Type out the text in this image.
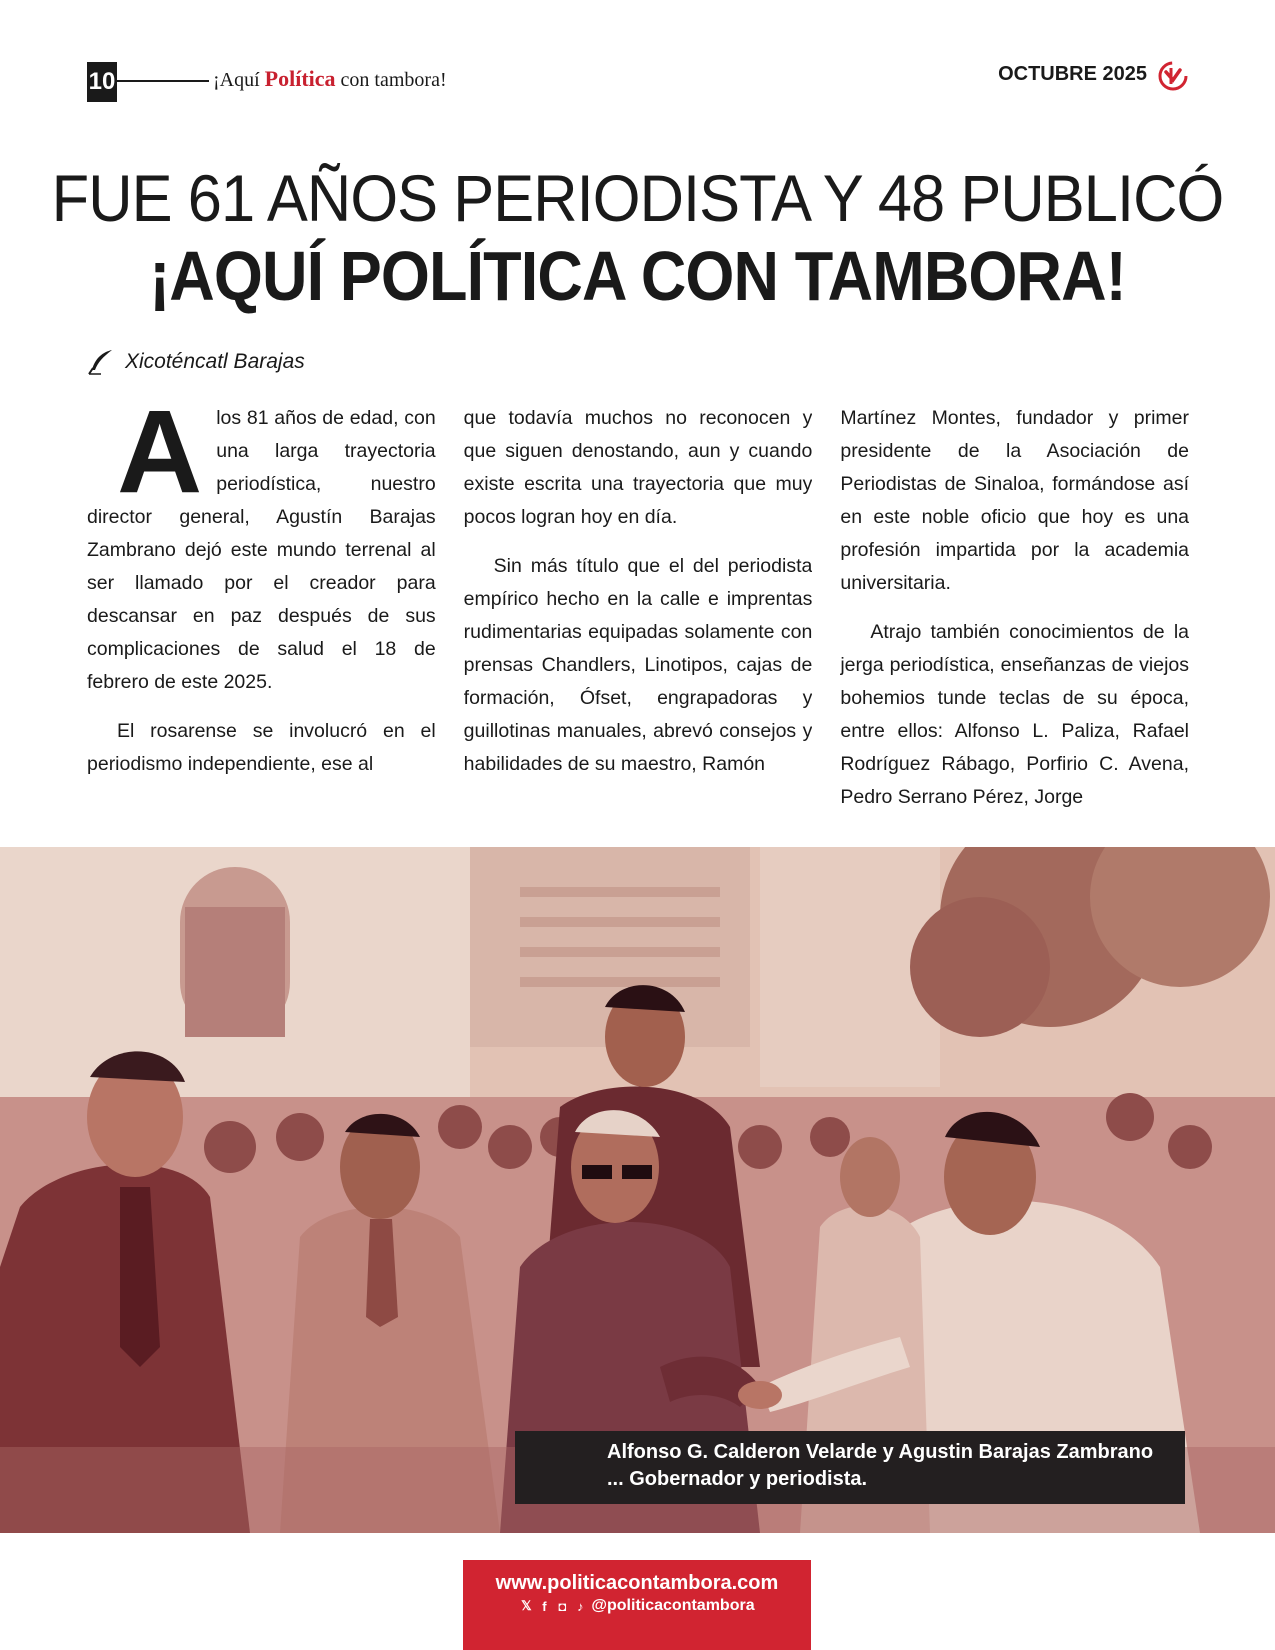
10	¡Aquí Política con tambora!	OCTUBRE 2025
FUE 61 AÑOS PERIODISTA Y 48 PUBLICÓ
¡AQUÍ POLÍTICA CON TAMBORA!
Xicoténcatl Barajas

Alos 81 años de edad, con una larga trayectoria periodística, nuestro director general, Agustín Barajas Zambrano dejó este mundo terrenal al ser llamado por el creador para descansar en paz después de sus complicaciones de salud el 18 de febrero de este 2025.

El rosarense se involucró en el periodismo independiente, ese al

que todavía muchos no reconocen y que siguen denostando, aun y cuando existe escrita una trayectoria que muy pocos logran hoy en día.

Sin más título que el del periodista empírico hecho en la calle e imprentas rudimentarias equipadas solamente con prensas Chandlers, Linotipos, cajas de formación, Ófset, engrapadoras y guillotinas manuales, abrevó consejos y habilidades de su maestro, Ramón

Martínez Montes, fundador y primer presidente de la Asociación de Periodistas de Sinaloa, formándose así en este noble oficio que hoy es una profesión impartida por la academia universitaria.

Atrajo también conocimientos de la jerga periodística, enseñanzas de viejos bohemios tunde teclas de su época, entre ellos: Alfonso L. Paliza, Rafael Rodríguez Rábago, Porfirio C. Avena, Pedro Serrano Pérez, Jorge

Alfonso G. Calderon Velarde y Agustin Barajas Zambrano
... Gobernador y periodista.
www.politicacontambora.com
𝕏 f ◘ ♪ @politicacontambora
